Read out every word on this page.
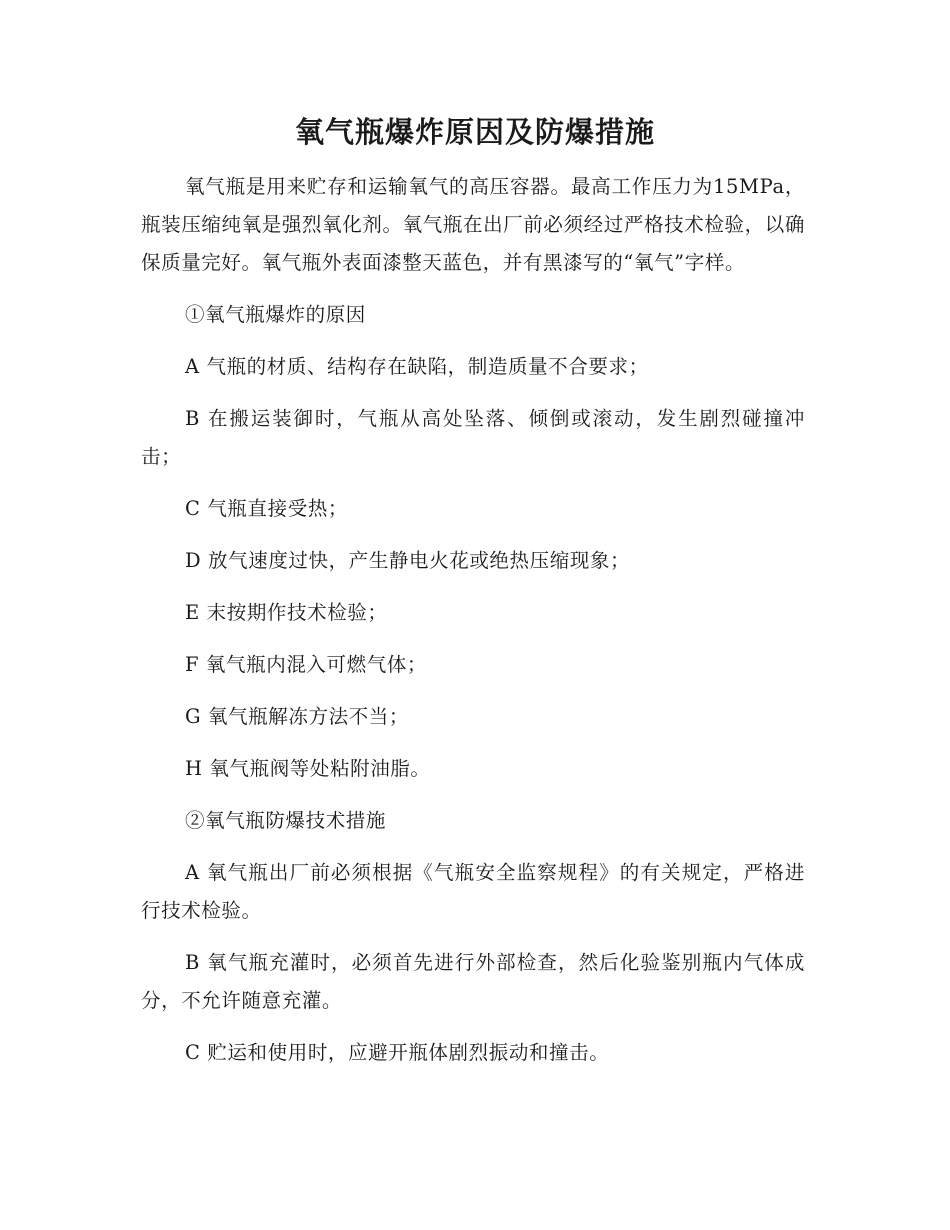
氧气瓶爆炸原因及防爆措施

氧气瓶是用来贮存和运输氧气的高压容器。最高工作压力为15MPa，瓶装压缩纯氧是强烈氧化剂。氧气瓶在出厂前必须经过严格技术检验，以确保质量完好。氧气瓶外表面漆整天蓝色，并有黑漆写的“氧气”字样。

①氧气瓶爆炸的原因

A 气瓶的材质、结构存在缺陷，制造质量不合要求；

B 在搬运装御时，气瓶从高处坠落、倾倒或滚动，发生剧烈碰撞冲击；

C 气瓶直接受热；

D 放气速度过快，产生静电火花或绝热压缩现象；

E 末按期作技术检验；

F 氧气瓶内混入可燃气体；

G 氧气瓶解冻方法不当；

H 氧气瓶阀等处粘附油脂。

②氧气瓶防爆技术措施

A 氧气瓶出厂前必须根据《气瓶安全监察规程》的有关规定，严格进行技术检验。

B 氧气瓶充灌时，必须首先进行外部检查，然后化验鉴别瓶内气体成分，不允许随意充灌。

C 贮运和使用时，应避开瓶体剧烈振动和撞击。
